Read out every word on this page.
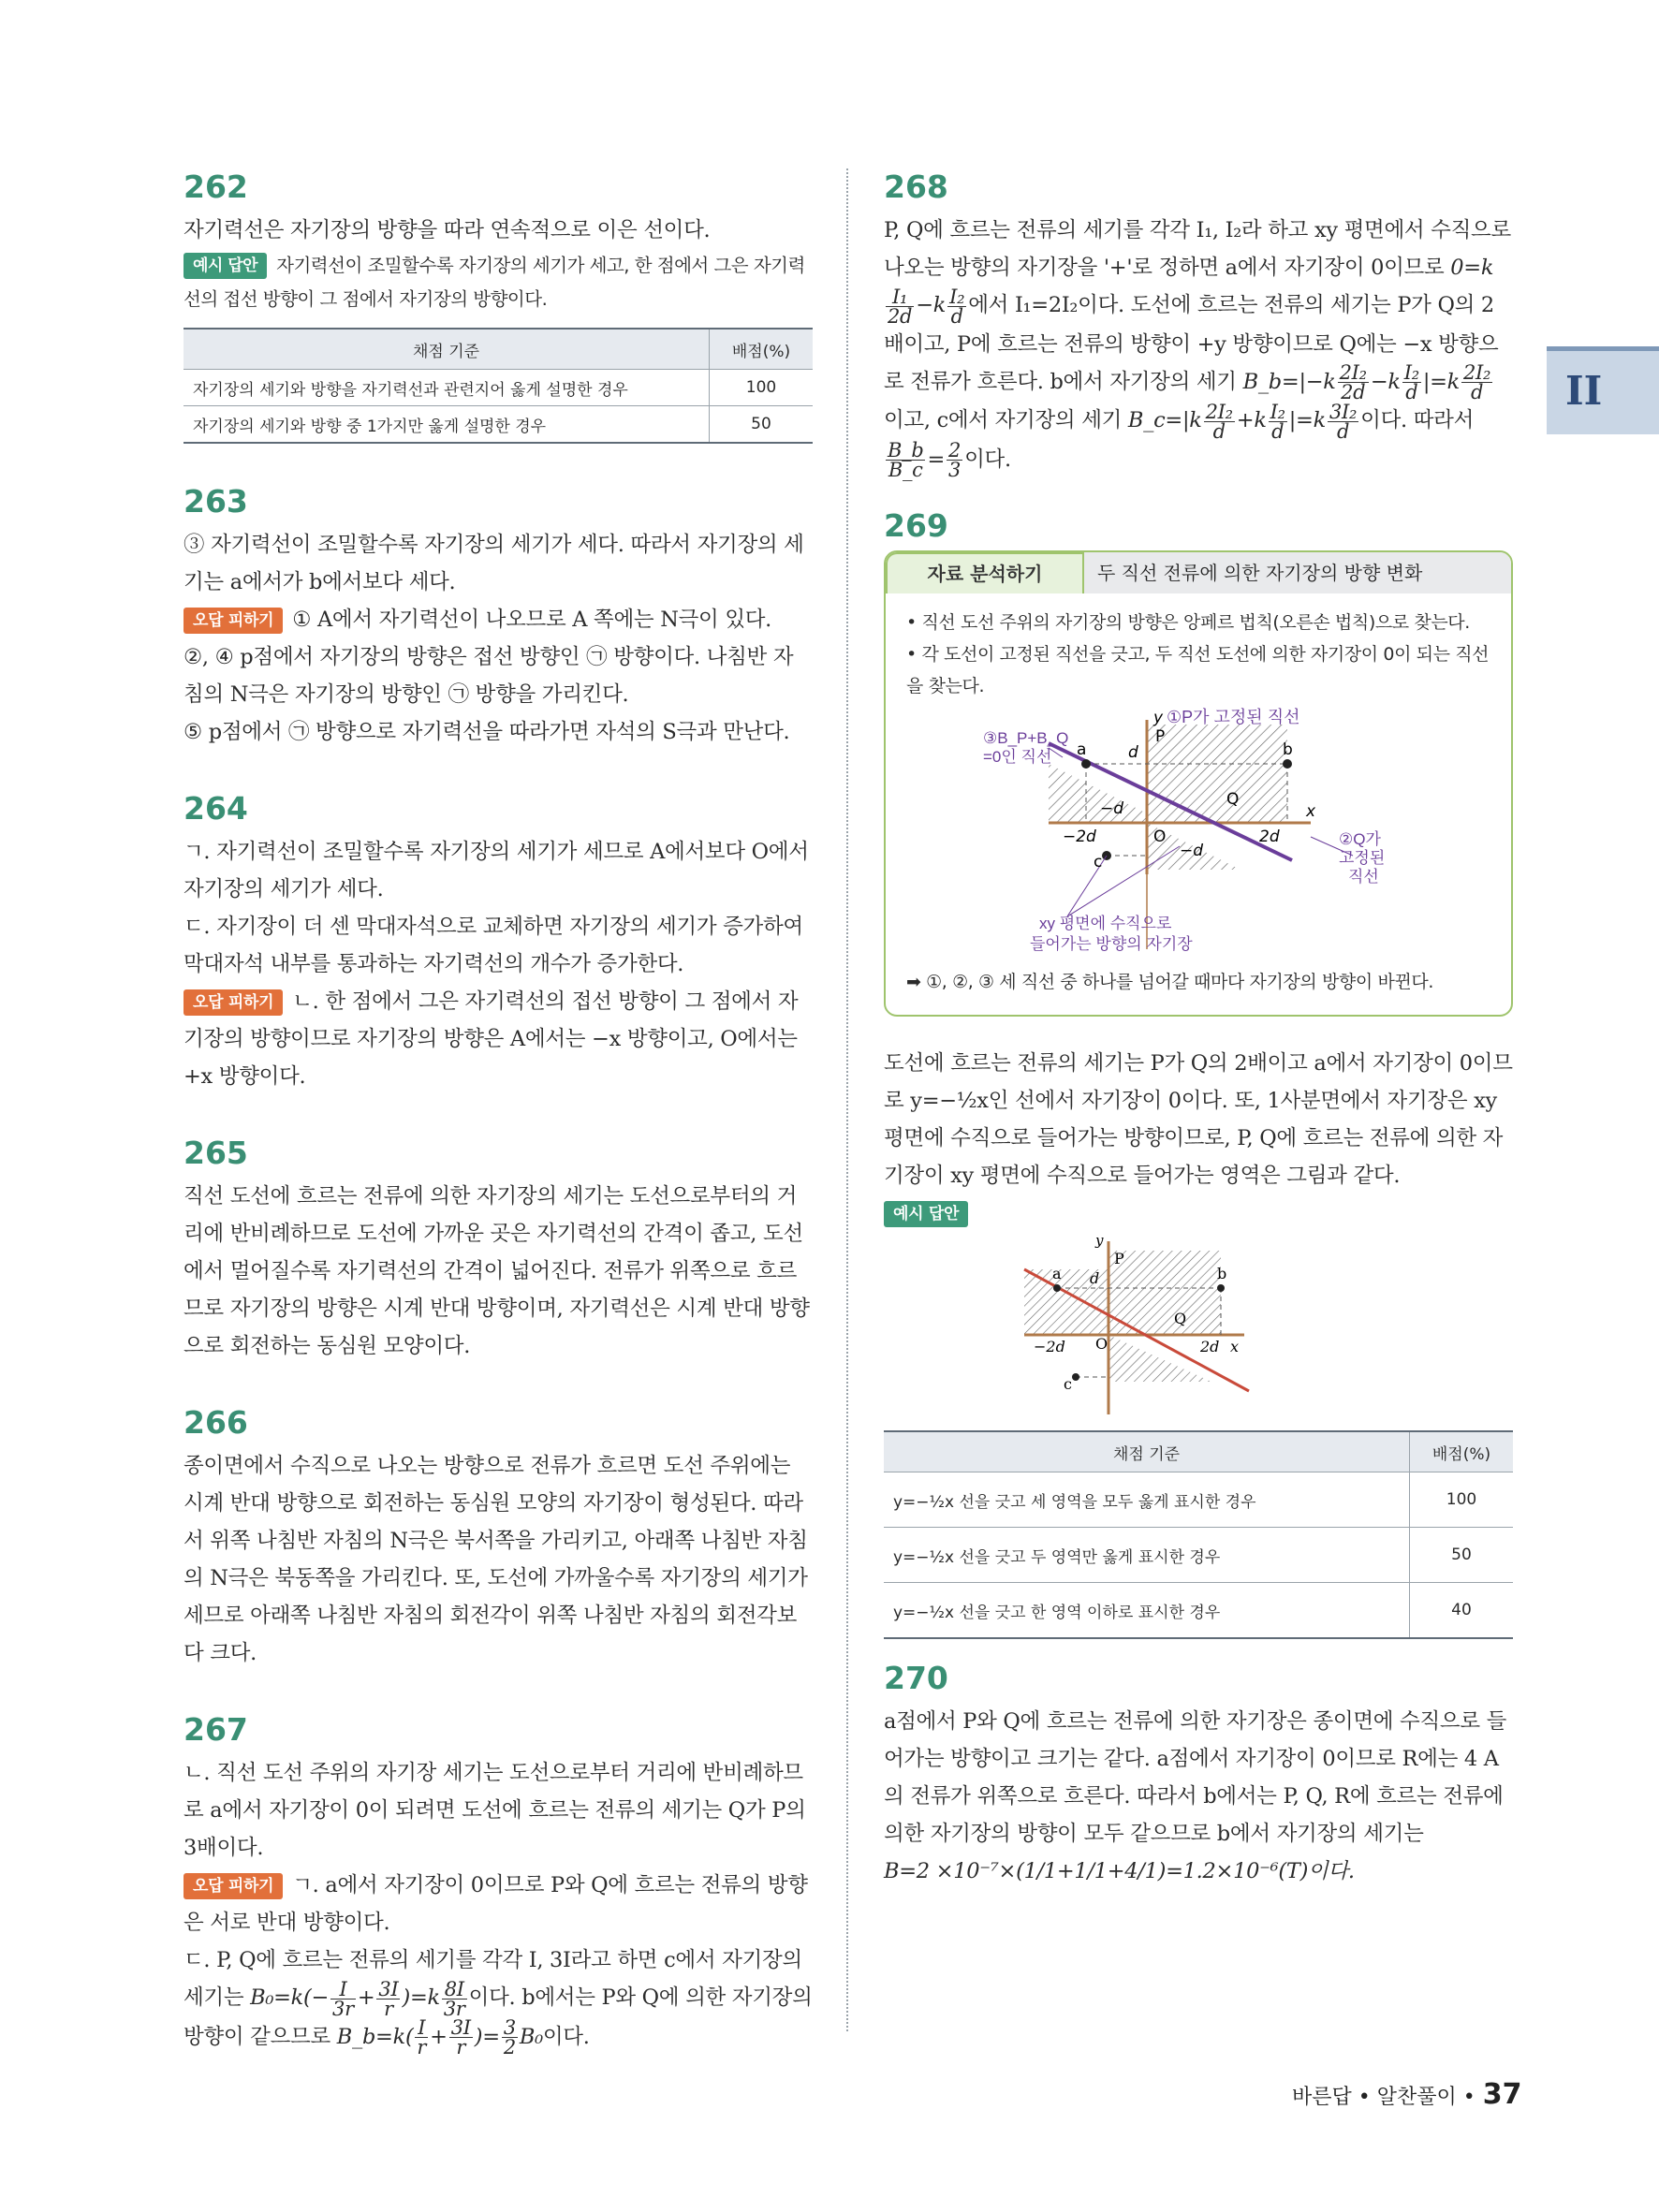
II
262

자기력선은 자기장의 방향을 따라 연속적으로 이은 선이다.

예시 답안 자기력선이 조밀할수록 자기장의 세기가 세고, 한 점에서 그은 자기력선의 접선 방향이 그 점에서 자기장의 방향이다.

채점 기준	배점(%)
자기장의 세기와 방향을 자기력선과 관련지어 옳게 설명한 경우	100
자기장의 세기와 방향 중 1가지만 옳게 설명한 경우	50
263

③ 자기력선이 조밀할수록 자기장의 세기가 세다. 따라서 자기장의 세기는 a에서가 b에서보다 세다.

오답 피하기 ① A에서 자기력선이 나오므로 A 쪽에는 N극이 있다.

②, ④ p점에서 자기장의 방향은 접선 방향인 ㉠ 방향이다. 나침반 자침의 N극은 자기장의 방향인 ㉠ 방향을 가리킨다.

⑤ p점에서 ㉠ 방향으로 자기력선을 따라가면 자석의 S극과 만난다.

264

ㄱ. 자기력선이 조밀할수록 자기장의 세기가 세므로 A에서보다 O에서 자기장의 세기가 세다.

ㄷ. 자기장이 더 센 막대자석으로 교체하면 자기장의 세기가 증가하여 막대자석 내부를 통과하는 자기력선의 개수가 증가한다.

오답 피하기 ㄴ. 한 점에서 그은 자기력선의 접선 방향이 그 점에서 자기장의 방향이므로 자기장의 방향은 A에서는 −x 방향이고, O에서는 +x 방향이다.

265

직선 도선에 흐르는 전류에 의한 자기장의 세기는 도선으로부터의 거리에 반비례하므로 도선에 가까운 곳은 자기력선의 간격이 좁고, 도선에서 멀어질수록 자기력선의 간격이 넓어진다. 전류가 위쪽으로 흐르므로 자기장의 방향은 시계 반대 방향이며, 자기력선은 시계 반대 방향으로 회전하는 동심원 모양이다.

266

종이면에서 수직으로 나오는 방향으로 전류가 흐르면 도선 주위에는 시계 반대 방향으로 회전하는 동심원 모양의 자기장이 형성된다. 따라서 위쪽 나침반 자침의 N극은 북서쪽을 가리키고, 아래쪽 나침반 자침의 N극은 북동쪽을 가리킨다. 또, 도선에 가까울수록 자기장의 세기가 세므로 아래쪽 나침반 자침의 회전각이 위쪽 나침반 자침의 회전각보다 크다.

267

ㄴ. 직선 도선 주위의 자기장 세기는 도선으로부터 거리에 반비례하므로 a에서 자기장이 0이 되려면 도선에 흐르는 전류의 세기는 Q가 P의 3배이다.

오답 피하기 ㄱ. a에서 자기장이 0이므로 P와 Q에 흐르는 전류의 방향은 서로 반대 방향이다.

ㄷ. P, Q에 흐르는 전류의 세기를 각각 I, 3I라고 하면 c에서 자기장의 세기는 $B_0=k(- \frac{I}{3r} + \frac{3I}{r} )=k \frac{8I}{3r}$ 이다. b에서는 P와 Q에 의한 자기장의 방향이 같으므로 B_b=k( $\frac{I}{r} + \frac{3I}{r}$ )= $\frac{3}{2} B_0$이다.

268

P, Q에 흐르는 전류의 세기를 각각 I₁, I₂라 하고 xy 평면에서 수직으로 나오는 방향의 자기장을 '+'로 정하면 a에서 자기장이 0이므로 0=k
$\frac{\text{I₁}}{2d} -k \frac{\text{I₂}}{d}$ 에서 I₁=2I₂이다. 도선에 흐르는 전류의 세기는 P가 Q의 2배이고, P에 흐르는 전류의 방향이 +y 방향이므로 Q에는 −x 방향으로 전류가 흐른다. b에서 자기장의 세기 B_b=|−k $\frac{\text{2I₂}}{2d} -k \frac{\text{I₂}}{d} |=k \frac{\text{2I₂}}{d}$
이고, c에서 자기장의 세기 B_c=|k $\frac{\text{2I₂}}{d} +k \frac{\text{I₂}}{d} |=k \frac{\text{3I₂}}{d}$ 이다. 따라서
$\frac{B\_b}{B\_c} = \frac{2}{3}$ 이다.

269
자료 분석하기	두 직선 전류에 의한 자기장의 방향 변화
• 직선 도선 주위의 자기장의 방향은 앙페르 법칙(오른손 법칙)으로 찾는다.
• 각 도선이 고정된 직선을 긋고, 두 직선 도선에 의한 자기장이 0이 되는 직선을 찾는다.
y ①P가 고정된 직선
x
O
a	b
c
P
Q
d
−d
−d
2d
−2d	②Q가
고정된
직선
③B_P+B_Q
=0인 직선
xy 평면에 수직으로
들어가는 방향의 자기장
➡ ①, ②, ③ 세 직선 중 하나를 넘어갈 때마다 자기장의 방향이 바뀐다.

도선에 흐르는 전류의 세기는 P가 Q의 2배이고 a에서 자기장이 0이므로 y=−½x인 선에서 자기장이 0이다. 또, 1사분면에서 자기장은 xy 평면에 수직으로 들어가는 방향이므로, P, Q에 흐르는 전류에 의한 자기장이 xy 평면에 수직으로 들어가는 영역은 그림과 같다.

예시 답안

a	b
c
y
P
Q
O
−2d	2d x
d
채점 기준	배점(%)
y=−½x 선을 긋고 세 영역을 모두 옳게 표시한 경우	100
y=−½x 선을 긋고 두 영역만 옳게 표시한 경우	50
y=−½x 선을 긋고 한 영역 이하로 표시한 경우	40
270

a점에서 P와 Q에 흐르는 전류에 의한 자기장은 종이면에 수직으로 들어가는 방향이고 크기는 같다. a점에서 자기장이 0이므로 R에는 4 A의 전류가 위쪽으로 흐른다. 따라서 b에서는 P, Q, R에 흐르는 전류에 의한 자기장의 방향이 모두 같으므로 b에서 자기장의 세기는

B=2 ×10⁻⁷×(1/1+1/1+4/1)=1.2×10⁻⁶(T)이다.

바른답 • 알찬풀이 • 37
